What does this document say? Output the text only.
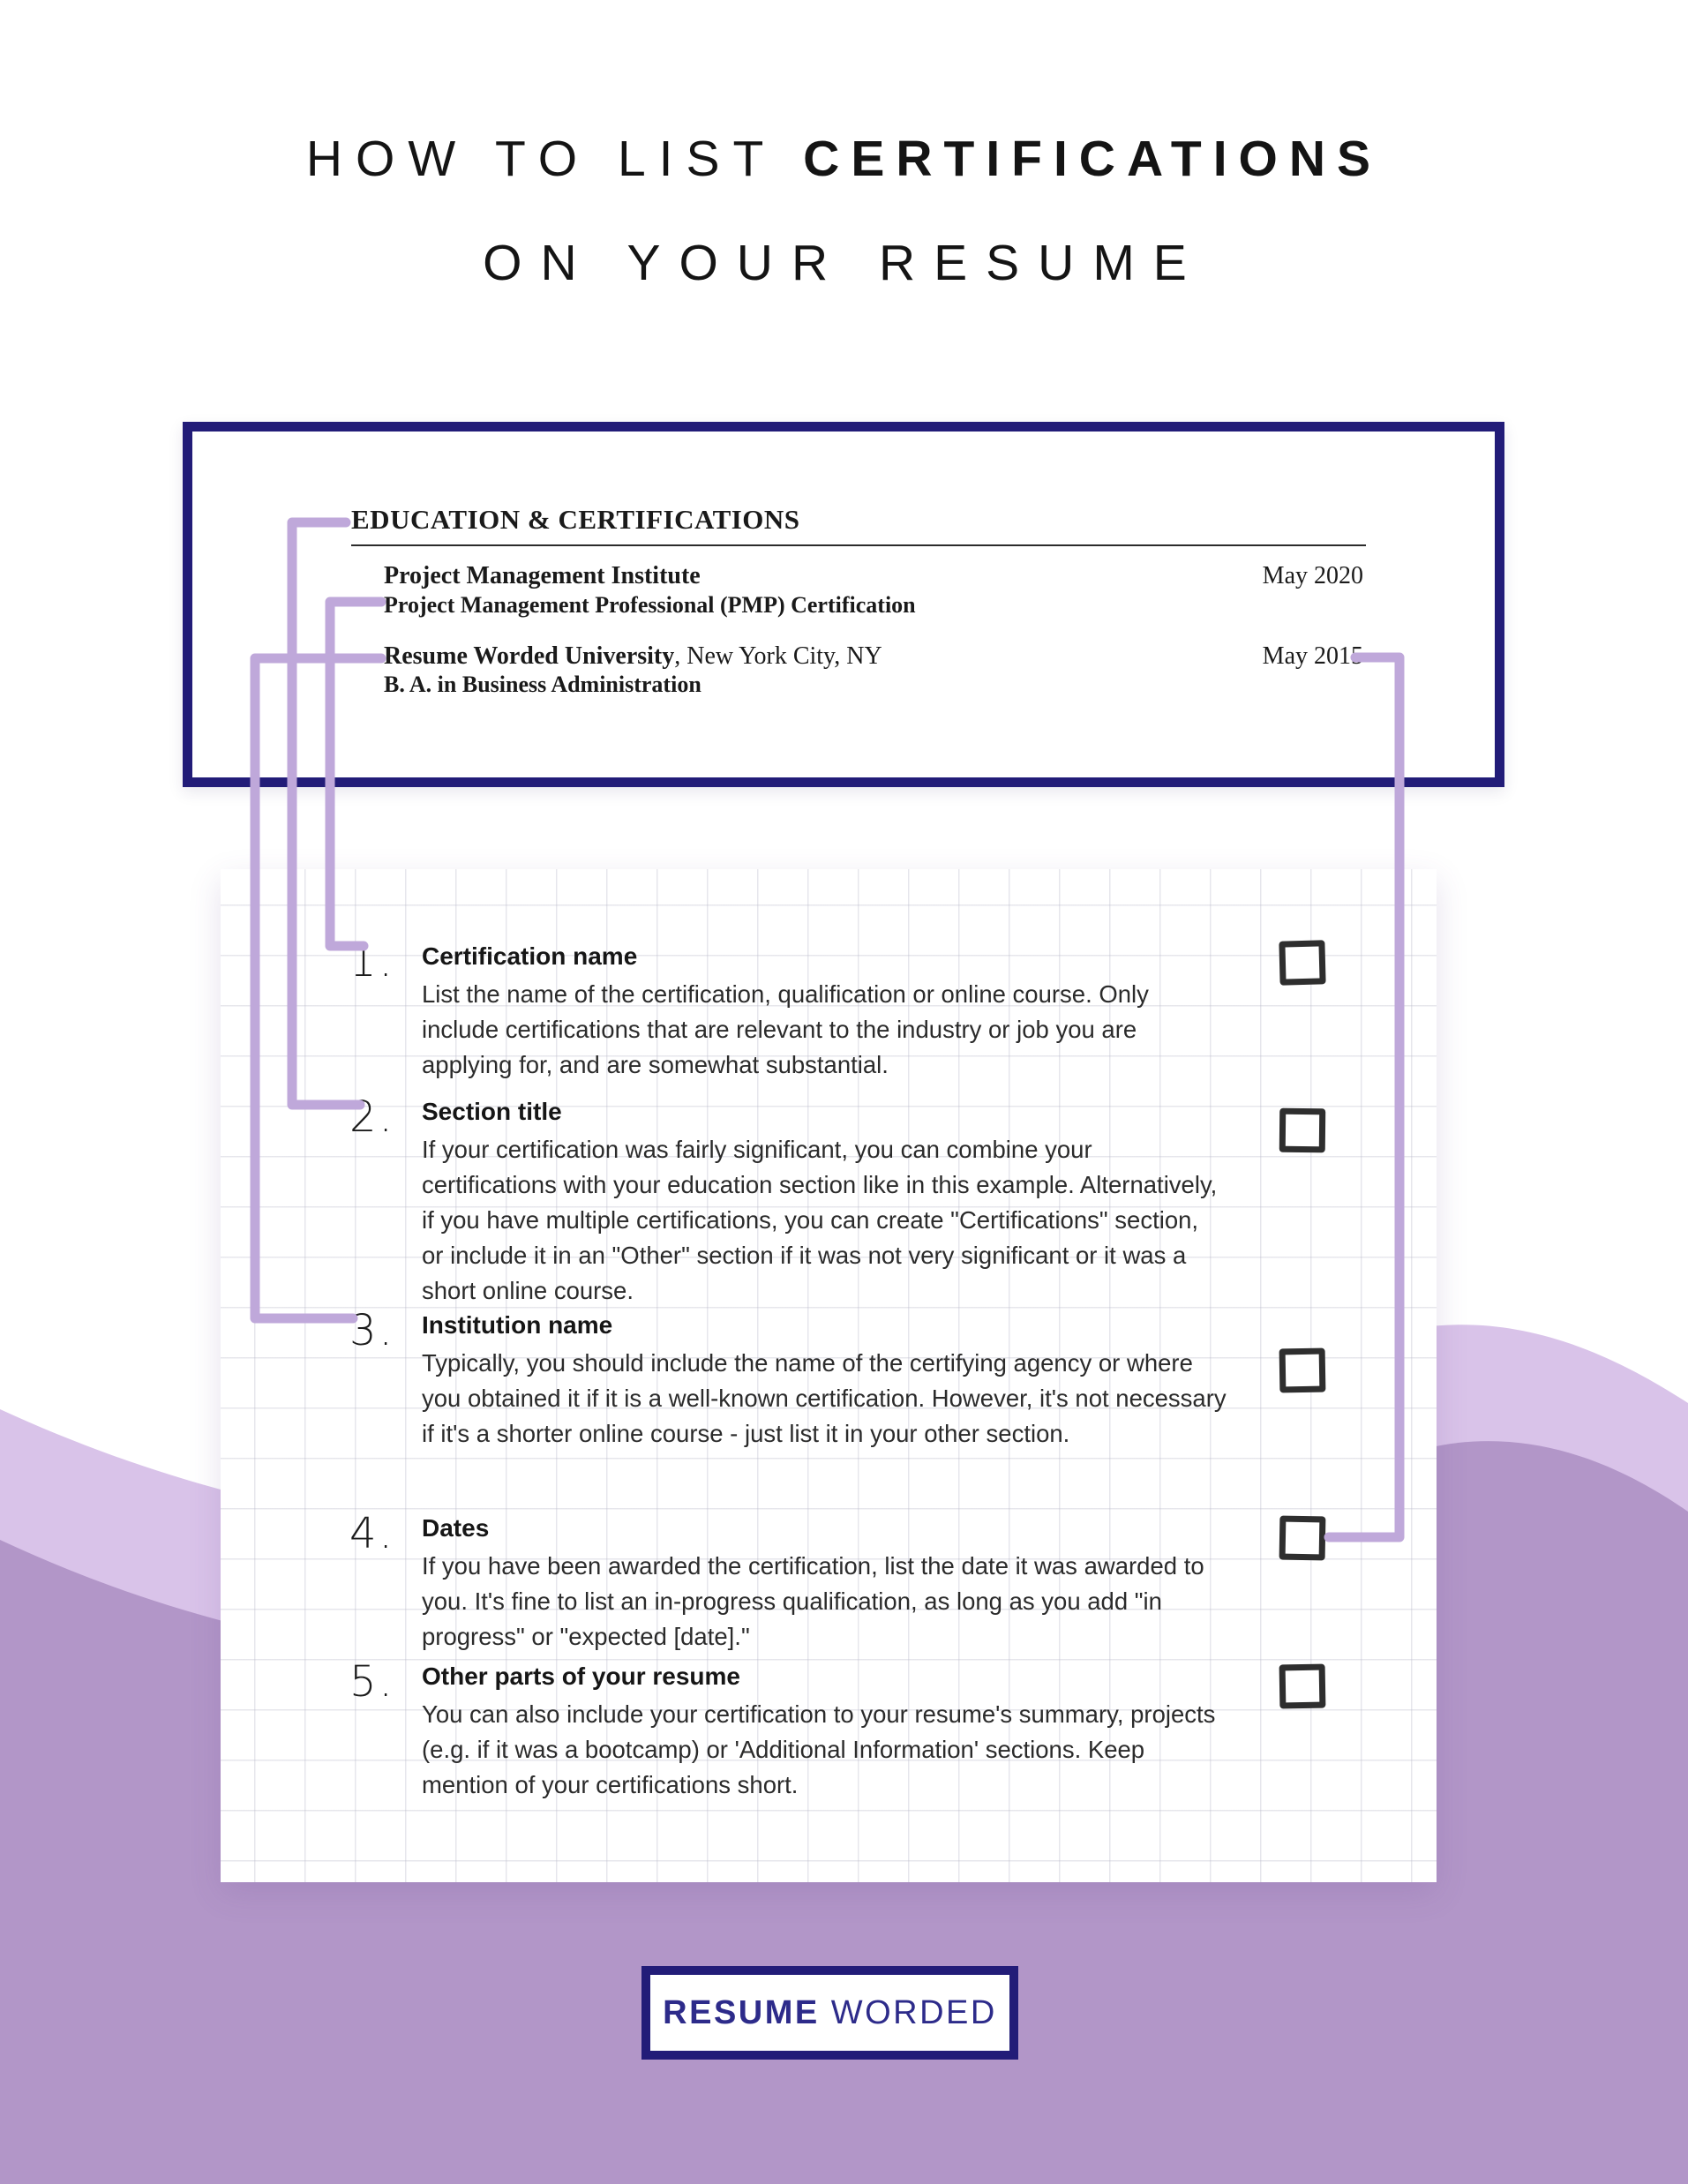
HOW TO LIST CERTIFICATIONS
ON YOUR RESUME
EDUCATION & CERTIFICATIONS
Project Management Institute	May 2020
Project Management Professional (PMP) Certification
Resume Worded University, New York City, NY	May 2015
B. A. in Business Administration
1. Certification name
List the name of the certification, qualification or online course. Only include certifications that are relevant to the industry or job you are applying for, and are somewhat substantial.
2. Section title
If your certification was fairly significant, you can combine your certifications with your education section like in this example. Alternatively, if you have multiple certifications, you can create "Certifications" section, or include it in an "Other" section if it was not very significant or it was a short online course.
3. Institution name
Typically, you should include the name of the certifying agency or where you obtained it if it is a well-known certification. However, it's not necessary if it's a shorter online course - just list it in your other section.
4. Dates
If you have been awarded the certification, list the date it was awarded to you. It's fine to list an in-progress qualification, as long as you add "in progress" or "expected [date]."
5. Other parts of your resume
You can also include your certification to your resume's summary, projects (e.g. if it was a bootcamp) or 'Additional Information' sections. Keep mention of your certifications short.
RESUME WORDED
